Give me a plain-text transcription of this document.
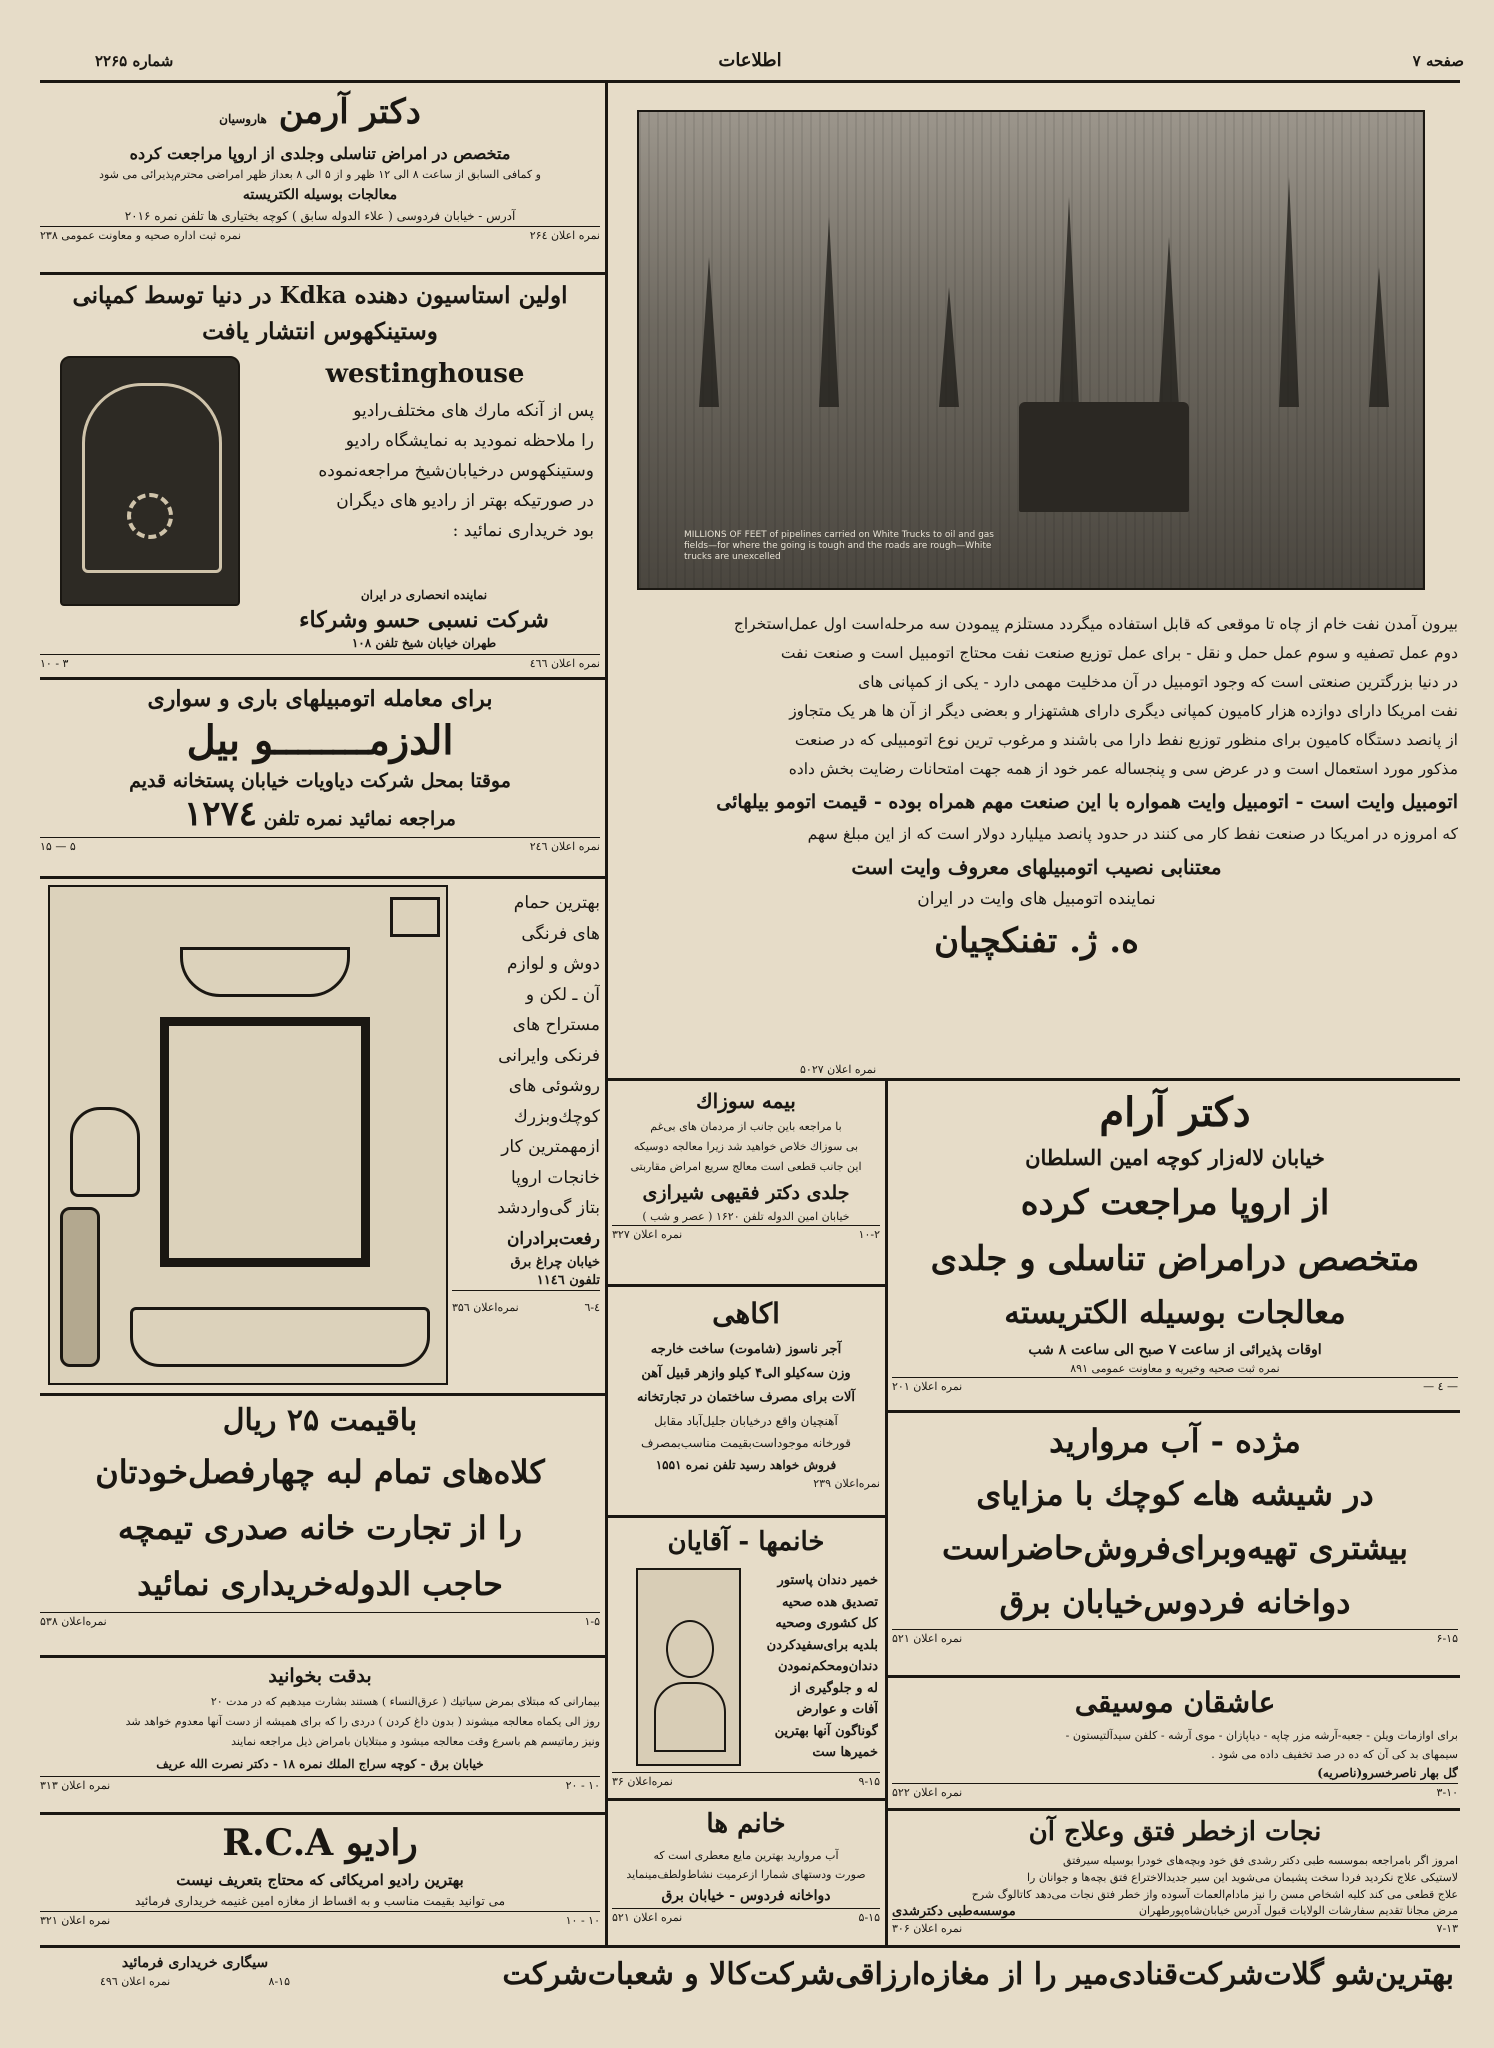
صفحه ۷
اطلاعات
شماره ۲۲۶۵
MILLIONS OF FEET of pipelines carried on White Trucks to oil and gas fields—for where the going is tough and the roads are rough—White trucks are unexcelled
بیرون آمدن نفت خام از چاه تا موقعی که قابل استفاده میگردد مستلزم پیمودن سه مرحله‌است اول عمل‌استخراج
دوم عمل تصفیه و سوم عمل حمل و نقل - برای عمل توزیع صنعت نفت محتاج اتومبیل است و صنعت نفت
در دنیا بزرگترین صنعتی است که وجود اتومبیل در آن مدخلیت مهمی دارد - یکی از کمپانی های
نفت امریکا دارای دوازده هزار کامیون کمپانی دیگری دارای هشتهزار و بعضی دیگر از آن ها هر یک متجاوز
از پانصد دستگاه کامیون برای منظور توزیع نفط دارا می باشند و مرغوب ترین نوع اتومبیلی که در صنعت
مذکور مورد استعمال است و در عرض سی و پنجساله عمر خود از همه جهت امتحانات رضایت بخش داده
اتومبیل وایت است - اتومبیل وایت همواره با این صنعت مهم همراه بوده - قیمت اتومو بیلهائی
که امروزه در امریکا در صنعت نفط کار می کنند در حدود پانصد میلیارد دولار است که از این مبلغ سهم
معتنابی نصیب اتومبیلهای معروف وایت است
نماینده اتومبیل های وایت در ایران
ه. ژ. تفنکچیان
نمره اعلان ۵۰۲۷
دکتر آرمن هاروسیان
متخصص در امراض تناسلی وجلدی از اروپا مراجعت کرده
و کمافی السابق از ساعت ۸ الی ۱۲ ظهر و از ۵ الی ۸ بعداز ظهر امراضی محترم‌پذیرائی می شود
معالجات بوسیله الکتریسته
آدرس - خیابان فردوسی ( علاء الدوله سابق ) کوچه بختیاری ها تلفن نمره ۲۰۱۶
نمره اعلان ۲۶٤
نمره ثبت اداره صحیه و معاونت عمومی ۲۳۸
اولین استاسیون دهنده Kdka در دنیا توسط کمپانی
وستینکهوس انتشار یافت
westinghouse
پس از آنکه مارك های مختلف‌رادیو
را ملاحظه نمودید به نمایشگاه رادیو
وستینکهوس درخیابان‌شیخ مراجعه‌نموده
در صورتیکه بهتر از رادیو های دیگران
بود خریداری نمائید :
نماینده انحصاری در ایران
شرکت نسبی حسو وشرکاء
طهران خیابان شیخ تلفن ۱۰۸
نمره اعلان ٤٦٦
۳ - ۱۰
برای معامله اتومبیلهای باری و سواری
الدزمــــــــو بیل
موقتا بمحل شرکت دیاویات خیابان پستخانه قدیم
مراجعه نمائید نمره تلفن ۱۲۷٤
نمره اعلان ٢٤٦
۵ — ۱۵
بهترین حمام
های فرنگی
دوش و لوازم
آن ـ لکن و
مستراح های
فرنکی وایرانی
روشوئی های
کوچك‌وبزرك
ازمهمترین کار
خانجات اروپا
بتاز گی‌واردشد
رفعت‌برادران
خیابان چراغ برق
تلفون ۱۱٤٦
٤-٦
نمره‌اعلان ۳۵٦
باقیمت ۲۵ ریال
کلاه‌های تمام لبه چهارفصل‌خودتان
را از تجارت خانه صدری تیمچه
حاجب الدوله‌خریداری نمائید
۱-۵
نمره‌اعلان ۵۳۸
بدقت بخوانید
بیمارانی که مبتلای بمرض سیاتیك ( عرق‌النساء ) هستند بشارت میدهیم که در مدت ۲۰
روز الی یکماه معالجه میشوند ( بدون داغ کردن ) دردی را که برای همیشه از دست آنها معدوم خواهد شد
ونیز رماتیسم هم باسرع وقت معالجه میشود و مبتلایان بامراض ذیل مراجعه نمایند
خیابان برق - کوچه سراج الملك نمره ۱۸ - دکتر نصرت الله عریف
۱۰ - ۲۰
نمره اعلان ۳۱۳
رادیو R.C.A
بهترین رادیو امریکائی که محتاج بتعریف نیست
می توانید بقیمت مناسب و به اقساط از مغازه امین غنیمه خریداری فرمائید
۱۰ - ۱۰
نمره اعلان ۳۲۱
بیمه سوزاك
با مراجعه باین جانب از مردمان های بی‌غم
بی سوزاك خلاص خواهید شد زیرا معالجه دوسیکه
این جانب قطعی است معالج سریع امراض مقاربتی
جلدی دکتر فقیهی شیرازی
خیابان امین الدوله تلفن ۱۶۲۰ ( عصر و شب )
۱۰-۲
نمره اعلان ۳۲۷
اکاهی
آجر ناسوز (شاموت) ساخت خارجه
وزن سه‌کیلو الی۴ کیلو وازهر قبیل آهن
آلات برای مصرف ساختمان در تجارتخانه
آهنچیان واقع درخیابان جلیل‌آباد مقابل
قورخانه موجوداست‌بقیمت مناسب‌بمصرف
فروش خواهد رسید تلفن نمره ۱۵۵۱
نمره‌اعلان ۲۳۹
خانمها - آقایان
خمیر دندان پاستور
تصدیق هده صحیه
کل کشوری وصحیه
بلدیه برای‌سفیدکردن
دندان‌ومحکم‌نمودن
له و جلوگیری از
آفات و عوارض
گوناگون آنها بهترین
خمیرها ست
۹-۱۵
نمره‌اعلان ۳۶
خانم ها
آب مرواريد بهترين مايع معطرى است كه
صورت ودستهای شمارا ازعرمیت نشاط‌ولطف‌مینماید
دواخانه فردوس - خیابان برق
۵-۱۵
نمره اعلان ۵۲۱
دکتر آرام
خیابان لاله‌زار کوچه امین السلطان
از اروپا مراجعت کرده
متخصص درامراض تناسلی و جلدی
معالجات بوسیله الکتریسته
اوقات پذیرائی از ساعت ۷ صبح الی ساعت ۸ شب
نمره ثبت صحیه وخیریه و معاونت عمومی ۸۹۱
— ٤ —
نمره اعلان ۲۰۱
مژده - آب مرواريد
در شیشه هاے کوچك با مزایاى
بیشتری تهیه‌وبرای‌فروش‌حاضراست
دواخانه فردوس‌خیابان برق
۶-۱۵
نمره اعلان ۵۲۱
عاشقان موسیقی
برای اوازمات ویلن - جعبه-آرشه مزر چاپه - دیاپازان - موی آرشه - کلفن سیدآلتیستون -
سیمهای بد کی آن که ده در صد تخفیف داده می شود .
گل بهار ناصرخسرو(ناصریه)
۳-۱۰
نمره اعلان ۵۲۲
نجات ازخطر فتق وعلاج آن
امروز اگر بامراجعه بموسسه طبی دکتر رشدی فق خود وبچه‌های خودرا بوسیله سیرفتق
لاستیکی علاج نکردید فردا سخت پشیمان می‌شوید این سیر جدیدالاختراع فتق بچه‌ها و جوانان را
علاج قطعی می کند کلیه اشخاص مسن را نیز مادام‌العمات آسوده واز خطر فتق نجات می‌دهد کاتالوگ شرح
مرض مجانا تقدیم سفارشات الولایات قبول آدرس خیابان‌شاه‌پورطهران
موسسه‌طبی دکترشدی
۷-۱۳
نمره اعلان ۳۰۶
بهترین‌شو گلات‌شرکت‌قنادی‌میر را از مغازه‌ارزاقی‌شرکت‌کالا و شعبات‌شرکت
سیگاری خریداری فرمائید
۸-۱۵
نمره اعلان ٤٩٦
